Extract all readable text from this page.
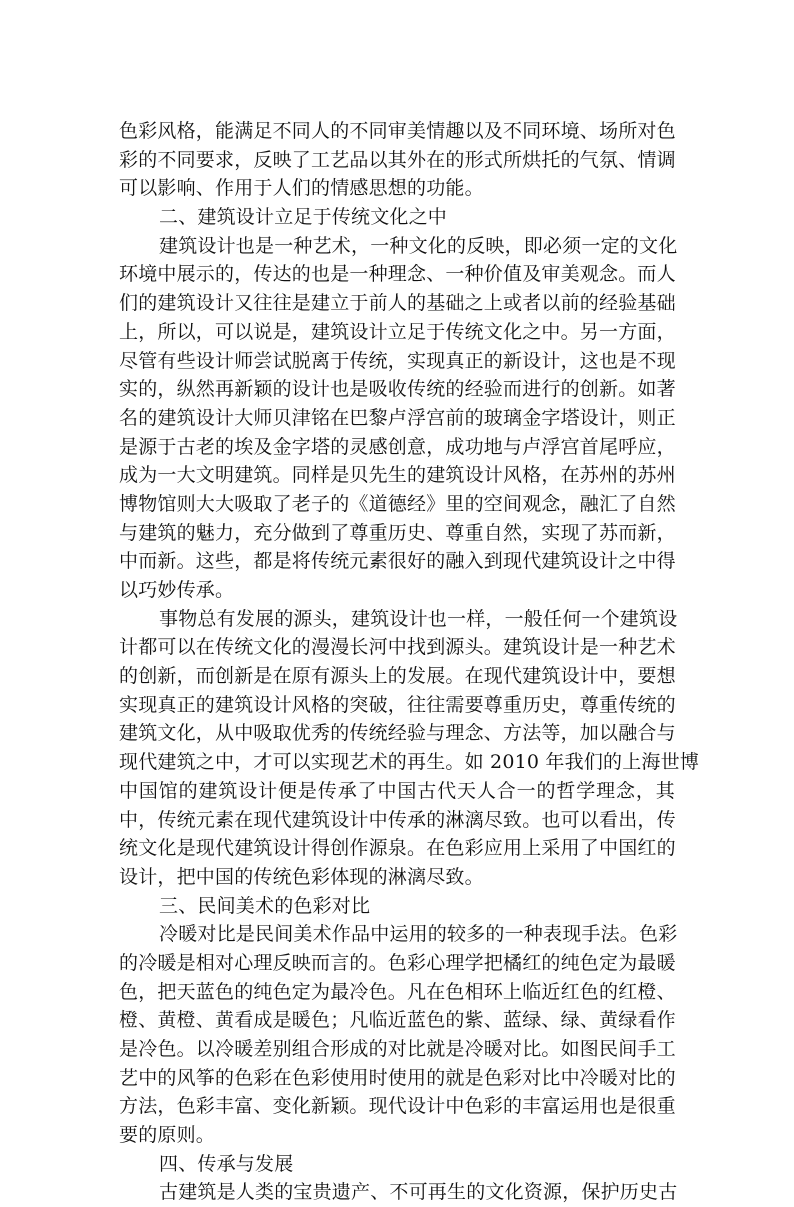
色彩风格，能满足不同人的不同审美情趣以及不同环境、场所对色
彩的不同要求，反映了工艺品以其外在的形式所烘托的气氛、情调
可以影响、作用于人们的情感思想的功能。
二、建筑设计立足于传统文化之中
建筑设计也是一种艺术，一种文化的反映，即必须一定的文化
环境中展示的，传达的也是一种理念、一种价值及审美观念。而人
们的建筑设计又往往是建立于前人的基础之上或者以前的经验基础
上，所以，可以说是，建筑设计立足于传统文化之中。另一方面，
尽管有些设计师尝试脱离于传统，实现真正的新设计，这也是不现
实的，纵然再新颖的设计也是吸收传统的经验而进行的创新。如著
名的建筑设计大师贝津铭在巴黎卢浮宫前的玻璃金字塔设计，则正
是源于古老的埃及金字塔的灵感创意，成功地与卢浮宫首尾呼应，
成为一大文明建筑。同样是贝先生的建筑设计风格，在苏州的苏州
博物馆则大大吸取了老子的《道德经》里的空间观念，融汇了自然
与建筑的魅力，充分做到了尊重历史、尊重自然，实现了苏而新，
中而新。这些，都是将传统元素很好的融入到现代建筑设计之中得
以巧妙传承。
事物总有发展的源头，建筑设计也一样，一般任何一个建筑设
计都可以在传统文化的漫漫长河中找到源头。建筑设计是一种艺术
的创新，而创新是在原有源头上的发展。在现代建筑设计中，要想
实现真正的建筑设计风格的突破，往往需要尊重历史，尊重传统的
建筑文化，从中吸取优秀的传统经验与理念、方法等，加以融合与
现代建筑之中，才可以实现艺术的再生。如 2010 年我们的上海世博
中国馆的建筑设计便是传承了中国古代天人合一的哲学理念，其
中，传统元素在现代建筑设计中传承的淋漓尽致。也可以看出，传
统文化是现代建筑设计得创作源泉。在色彩应用上采用了中国红的
设计，把中国的传统色彩体现的淋漓尽致。
三、民间美术的色彩对比
冷暖对比是民间美术作品中运用的较多的一种表现手法。色彩
的冷暖是相对心理反映而言的。色彩心理学把橘红的纯色定为最暖
色，把天蓝色的纯色定为最冷色。凡在色相环上临近红色的红橙、
橙、黄橙、黄看成是暖色；凡临近蓝色的紫、蓝绿、绿、黄绿看作
是冷色。以冷暖差别组合形成的对比就是冷暖对比。如图民间手工
艺中的风筝的色彩在色彩使用时使用的就是色彩对比中冷暖对比的
方法，色彩丰富、变化新颖。现代设计中色彩的丰富运用也是很重
要的原则。
四、传承与发展
古建筑是人类的宝贵遗产、不可再生的文化资源，保护历史古
